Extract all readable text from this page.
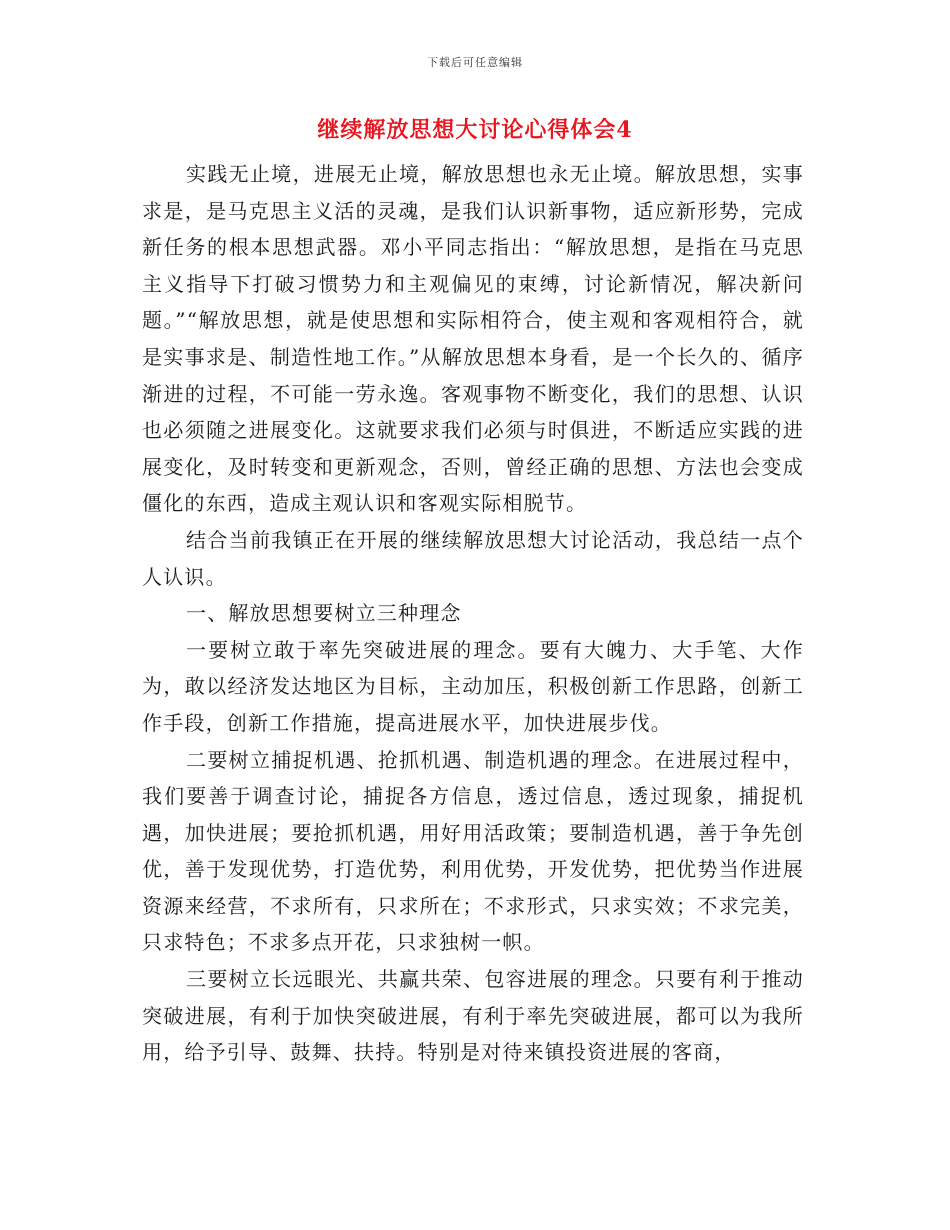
下载后可任意编辑
继续解放思想大讨论心得体会4

实践无止境，进展无止境，解放思想也永无止境。解放思想，实事求是，是马克思主义活的灵魂，是我们认识新事物，适应新形势，完成新任务的根本思想武器。邓小平同志指出：“解放思想，是指在马克思主义指导下打破习惯势力和主观偏见的束缚，讨论新情况，解决新问题。”“解放思想，就是使思想和实际相符合，使主观和客观相符合，就是实事求是、制造性地工作。”从解放思想本身看，是一个长久的、循序渐进的过程，不可能一劳永逸。客观事物不断变化，我们的思想、认识也必须随之进展变化。这就要求我们必须与时俱进，不断适应实践的进展变化，及时转变和更新观念，否则，曾经正确的思想、方法也会变成僵化的东西，造成主观认识和客观实际相脱节。

结合当前我镇正在开展的继续解放思想大讨论活动，我总结一点个人认识。

一、解放思想要树立三种理念

一要树立敢于率先突破进展的理念。要有大魄力、大手笔、大作为，敢以经济发达地区为目标，主动加压，积极创新工作思路，创新工作手段，创新工作措施，提高进展水平，加快进展步伐。

二要树立捕捉机遇、抢抓机遇、制造机遇的理念。在进展过程中，我们要善于调查讨论，捕捉各方信息，透过信息，透过现象，捕捉机遇，加快进展；要抢抓机遇，用好用活政策；要制造机遇，善于争先创优，善于发现优势，打造优势，利用优势，开发优势，把优势当作进展资源来经营，不求所有，只求所在；不求形式，只求实效；不求完美，只求特色；不求多点开花，只求独树一帜。

三要树立长远眼光、共赢共荣、包容进展的理念。只要有利于推动突破进展，有利于加快突破进展，有利于率先突破进展，都可以为我所用，给予引导、鼓舞、扶持。特别是对待来镇投资进展的客商，
